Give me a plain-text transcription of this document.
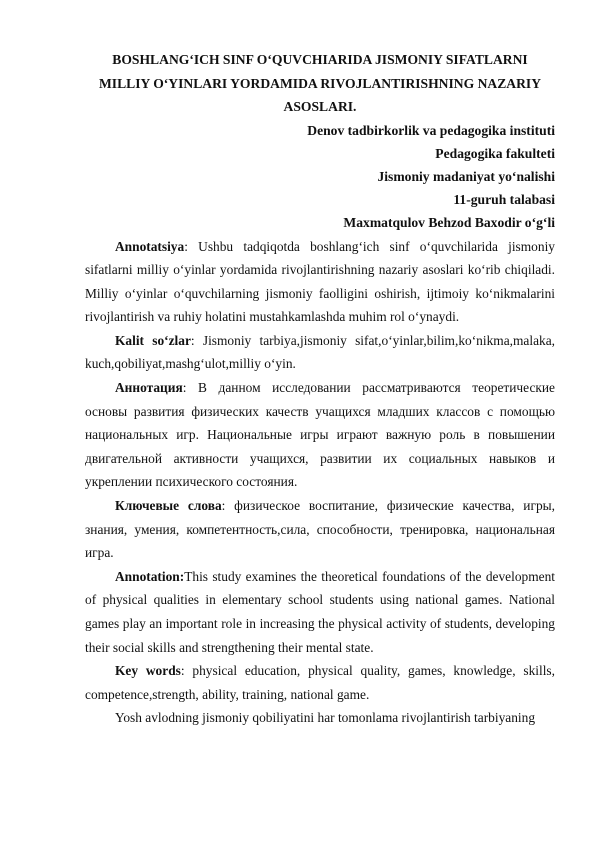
BOSHLANG‘ICH SINF O‘QUVCHIARIDA JISMONIY SIFATLARNI
MILLIY O‘YINLARI YORDAMIDA RIVOJLANTIRISHNING NAZARIY
ASOSLARI.
Denov tadbirkorlik va pedagogika instituti
Pedagogika fakulteti
Jismoniy madaniyat yo‘nalishi
11-guruh talabasi
Maxmatqulov Behzod Baxodir o‘g‘li

Annotatsiya: Ushbu tadqiqotda boshlang‘ich sinf o‘quvchilarida jismoniy sifatlarni milliy o‘yinlar yordamida rivojlantirishning nazariy asoslari ko‘rib chiqiladi. Milliy o‘yinlar o‘quvchilarning jismoniy faolligini oshirish, ijtimoiy ko‘nikmalarini rivojlantirish va ruhiy holatini mustahkamlashda muhim rol o‘ynaydi.

Kalit so‘zlar: Jismoniy tarbiya,jismoniy sifat,o‘yinlar,bilim,ko‘nikma,malaka, kuch,qobiliyat,mashg‘ulot,milliy o‘yin.

Аннотация: В данном исследовании рассматриваются теоретические основы развития физических качеств учащихся младших классов с помощью национальных игр. Национальные игры играют важную роль в повышении двигательной активности учащихся, развитии их социальных навыков и укреплении психического состояния.

Ключевые слова: физическое воспитание, физические качества, игры, знания, умения, компетентность,сила, способности, тренировка, национальная игра.

Annotation:This study examines the theoretical foundations of the development of physical qualities in elementary school students using national games. National games play an important role in increasing the physical activity of students, developing their social skills and strengthening their mental state.

Key words: physical education, physical quality, games, knowledge, skills, competence,strength, ability, training, national game.

Yosh avlodning jismoniy qobiliyatini har tomonlama rivojlantirish tarbiyaning
